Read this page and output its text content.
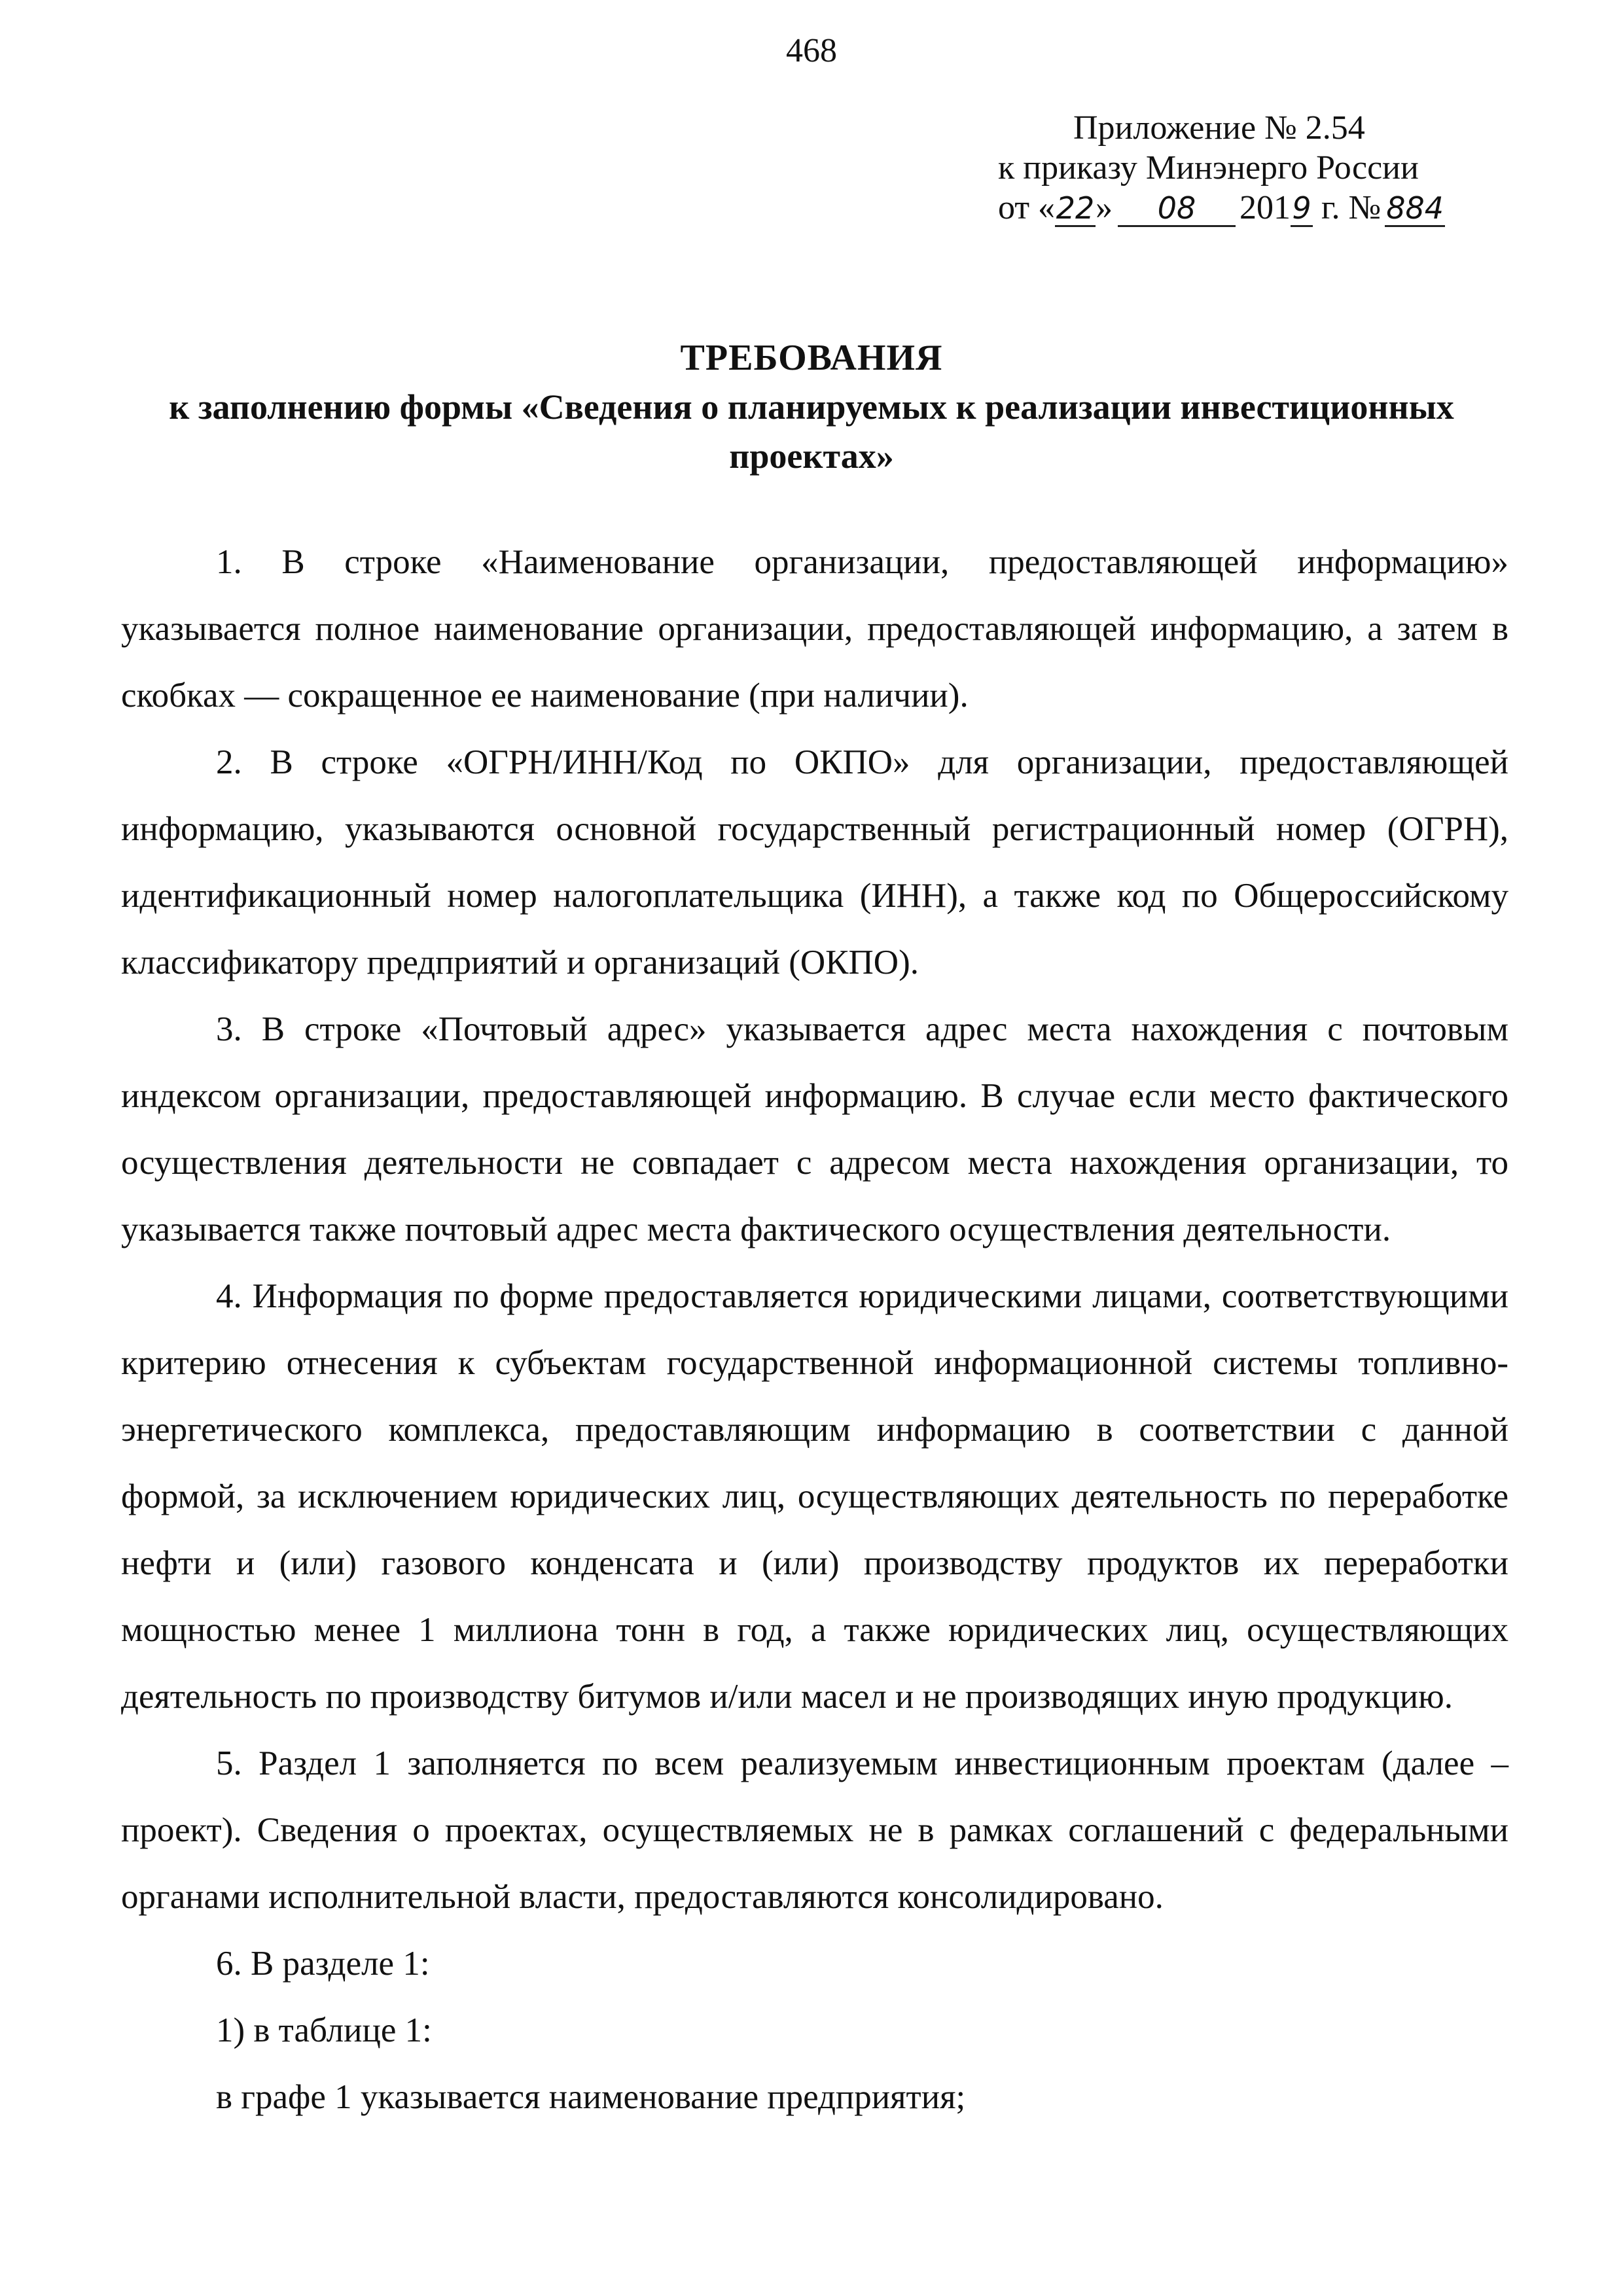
468
Приложение № 2.54
к приказу Минэнерго России
от «22» 08 2019 г. № 884
ТРЕБОВАНИЯ
к заполнению формы «Сведения о планируемых к реализации инвестиционных проектах»

1. В строке «Наименование организации, предоставляющей информацию» указывается полное наименование организации, предоставляющей информацию, а затем в скобках — сокращенное ее наименование (при наличии).

2. В строке «ОГРН/ИНН/Код по ОКПО» для организации, предоставляющей информацию, указываются основной государственный регистрационный номер (ОГРН), идентификационный номер налогоплательщика (ИНН), а также код по Общероссийскому классификатору предприятий и организаций (ОКПО).

3. В строке «Почтовый адрес» указывается адрес места нахождения с почтовым индексом организации, предоставляющей информацию. В случае если место фактического осуществления деятельности не совпадает с адресом места нахождения организации, то указывается также почтовый адрес места фактического осуществления деятельности.

4. Информация по форме предоставляется юридическими лицами, соответствующими критерию отнесения к субъектам государственной информационной системы топливно-энергетического комплекса, предоставляющим информацию в соответствии с данной формой, за исключением юридических лиц, осуществляющих деятельность по переработке нефти и (или) газового конденсата и (или) производству продуктов их переработки мощностью менее 1 миллиона тонн в год, а также юридических лиц, осуществляющих деятельность по производству битумов и/или масел и не производящих иную продукцию.

5. Раздел 1 заполняется по всем реализуемым инвестиционным проектам (далее – проект). Сведения о проектах, осуществляемых не в рамках соглашений с федеральными органами исполнительной власти, предоставляются консолидировано.

6. В разделе 1:

1) в таблице 1:

в графе 1 указывается наименование предприятия;
